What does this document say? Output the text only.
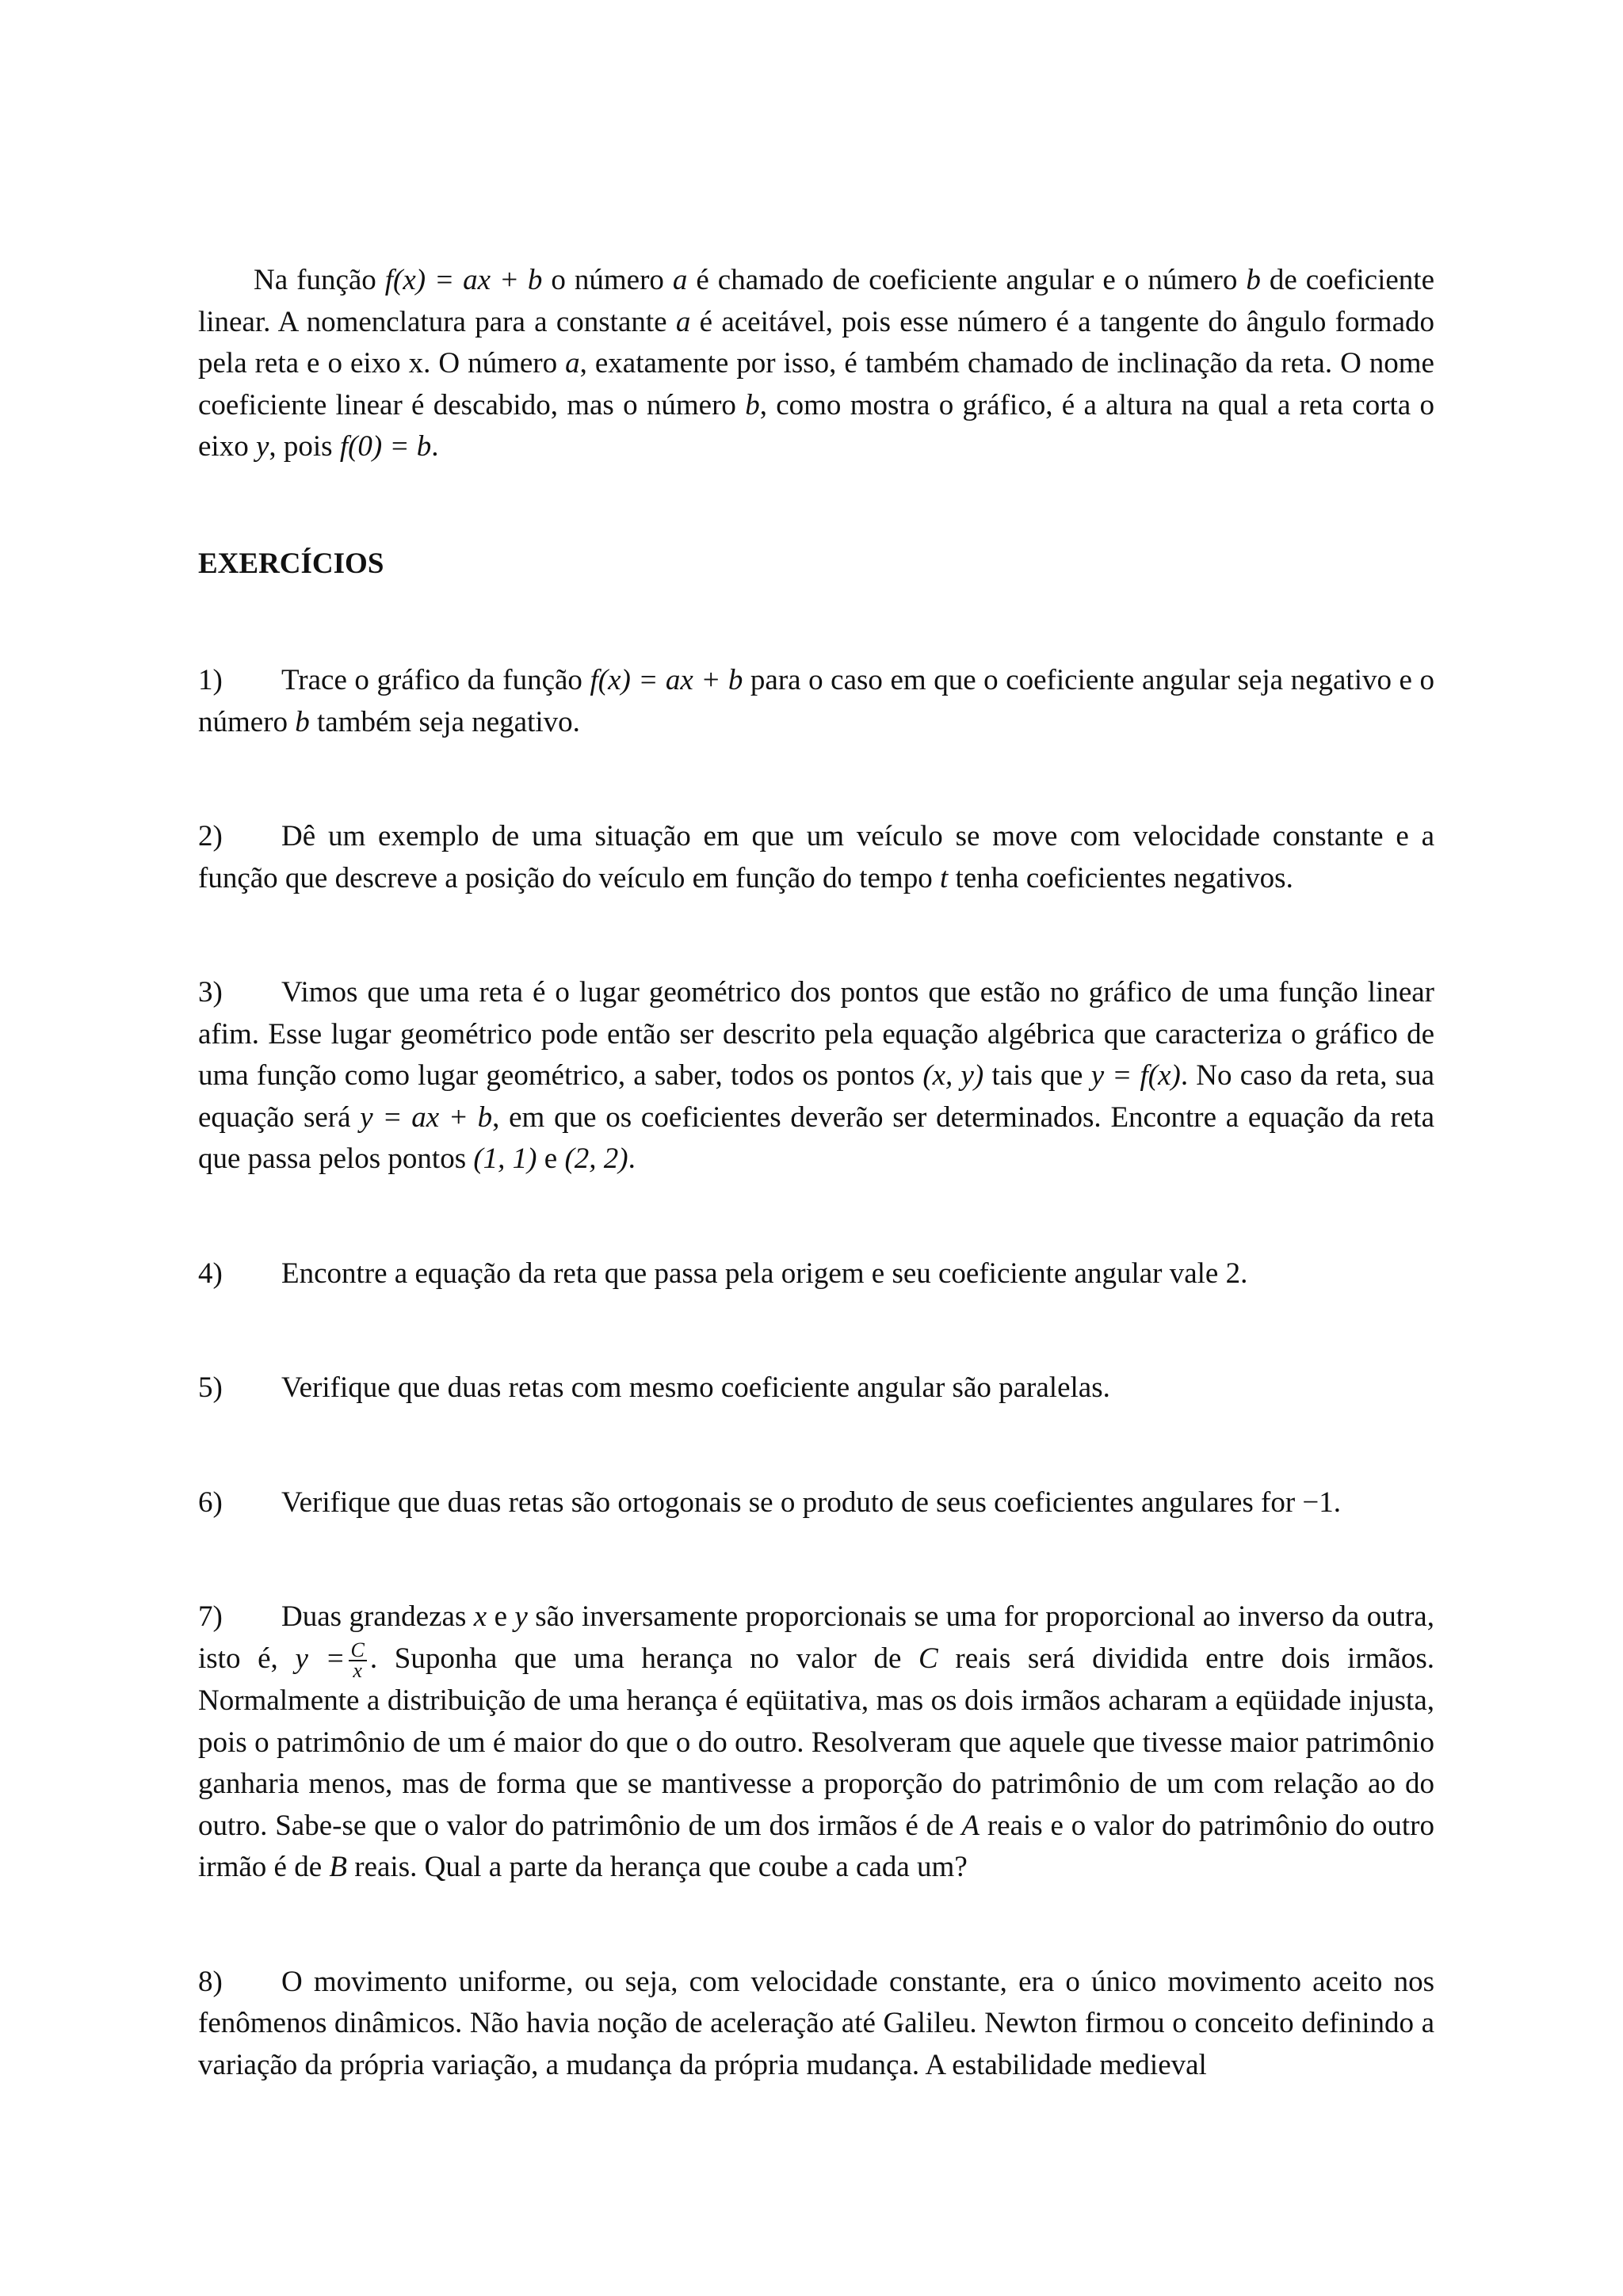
Na função f(x) = ax + b o número a é chamado de coeficiente angular e o número b de coeficiente linear. A nomenclatura para a constante a é aceitável, pois esse número é a tangente do ângulo formado pela reta e o eixo x. O número a, exatamente por isso, é também chamado de inclinação da reta. O nome coeficiente linear é descabido, mas o número b, como mostra o gráfico, é a altura na qual a reta corta o eixo y, pois f(0) = b.

EXERCÍCIOS

1) Trace o gráfico da função f(x) = ax + b para o caso em que o coeficiente angular seja negativo e o número b também seja negativo.

2) Dê um exemplo de uma situação em que um veículo se move com velocidade constante e a função que descreve a posição do veículo em função do tempo t tenha coeficientes negativos.

3) Vimos que uma reta é o lugar geométrico dos pontos que estão no gráfico de uma função linear afim. Esse lugar geométrico pode então ser descrito pela equação algébrica que caracteriza o gráfico de uma função como lugar geométrico, a saber, todos os pontos (x, y) tais que y = f(x). No caso da reta, sua equação será y = ax + b, em que os coeficientes deverão ser determinados. Encontre a equação da reta que passa pelos pontos (1, 1) e (2, 2).

4) Encontre a equação da reta que passa pela origem e seu coeficiente angular vale 2.

5) Verifique que duas retas com mesmo coeficiente angular são paralelas.

6) Verifique que duas retas são ortogonais se o produto de seus coeficientes angulares for −1.

7) Duas grandezas x e y são inversamente proporcionais se uma for proporcional ao inverso da outra, isto é, $y = \frac{C}{x}$ . Suponha que uma herança no valor de C reais será dividida entre dois irmãos. Normalmente a distribuição de uma herança é eqüitativa, mas os dois irmãos acharam a eqüidade injusta, pois o patrimônio de um é maior do que o do outro. Resolveram que aquele que tivesse maior patrimônio ganharia menos, mas de forma que se mantivesse a proporção do patrimônio de um com relação ao do outro. Sabe-se que o valor do patrimônio de um dos irmãos é de A reais e o valor do patrimônio do outro irmão é de B reais. Qual a parte da herança que coube a cada um?

8) O movimento uniforme, ou seja, com velocidade constante, era o único movimento aceito nos fenômenos dinâmicos. Não havia noção de aceleração até Galileu. Newton firmou o conceito definindo a variação da própria variação, a mudança da própria mudança. A estabilidade medieval
